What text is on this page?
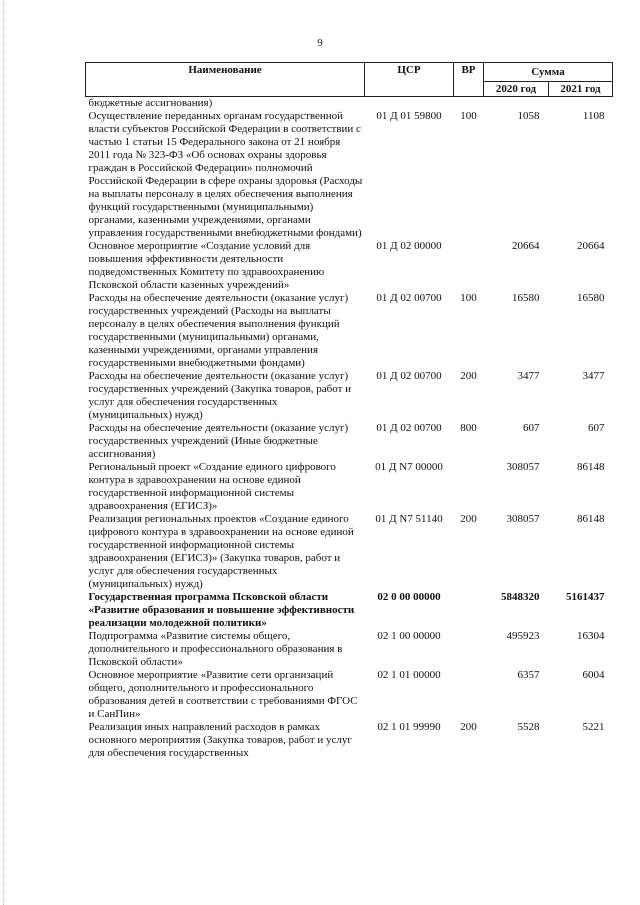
9
Наименование	ЦСР	ВР	Сумма	
			2020 год	2021 год
бюджетные ассигнования)				
Осуществление переданных органам государственной власти субъектов Российской Федерации в соответствии с частью 1 статьи 15 Федерального закона от 21 ноября 2011 года № 323-ФЗ «Об основах охраны здоровья граждан в Российской Федерации» полномочий Российской Федерации в сфере охраны здоровья (Расходы на выплаты персоналу в целях обеспечения выполнения функций государственными (муниципальными) органами, казенными учреждениями, органами управления государственными внебюджетными фондами)	01 Д 01 59800	100	1058	1108
Основное мероприятие «Создание условий для повышения эффективности деятельности подведомственных Комитету по здравоохранению Псковской области казенных учреждений»	01 Д 02 00000		20664	20664
Расходы на обеспечение деятельности (оказание услуг) государственных учреждений (Расходы на выплаты персоналу в целях обеспечения выполнения функций государственными (муниципальными) органами, казенными учреждениями, органами управления государственными внебюджетными фондами)	01 Д 02 00700	100	16580	16580
Расходы на обеспечение деятельности (оказание услуг) государственных учреждений (Закупка товаров, работ и услуг для обеспечения государственных (муниципальных) нужд)	01 Д 02 00700	200	3477	3477
Расходы на обеспечение деятельности (оказание услуг) государственных учреждений (Иные бюджетные ассигнования)	01 Д 02 00700	800	607	607
Региональный проект «Создание единого цифрового контура в здравоохранении на основе единой государственной информационной системы здравоохранения (ЕГИСЗ)»	01 Д N7 00000		308057	86148
Реализация региональных проектов «Создание единого цифрового контура в здравоохранении на основе единой государственной информационной системы здравоохранения (ЕГИСЗ)» (Закупка товаров, работ и услуг для обеспечения государственных (муниципальных) нужд)	01 Д N7 51140	200	308057	86148
Государственная программа Псковской области «Развитие образования и повышение эффективности реализации молодежной политики»	02 0 00 00000		5848320	5161437
Подпрограмма «Развитие системы общего, дополнительного и профессионального образования в Псковской области»	02 1 00 00000		495923	16304
Основное мероприятие «Развитие сети организаций общего, дополнительного и профессионального образования детей в соответствии с требованиями ФГОС и СанПин»	02 1 01 00000		6357	6004
Реализация иных направлений расходов в рамках основного мероприятия (Закупка товаров, работ и услуг для обеспечения государственных	02 1 01 99990	200	5528	5221
